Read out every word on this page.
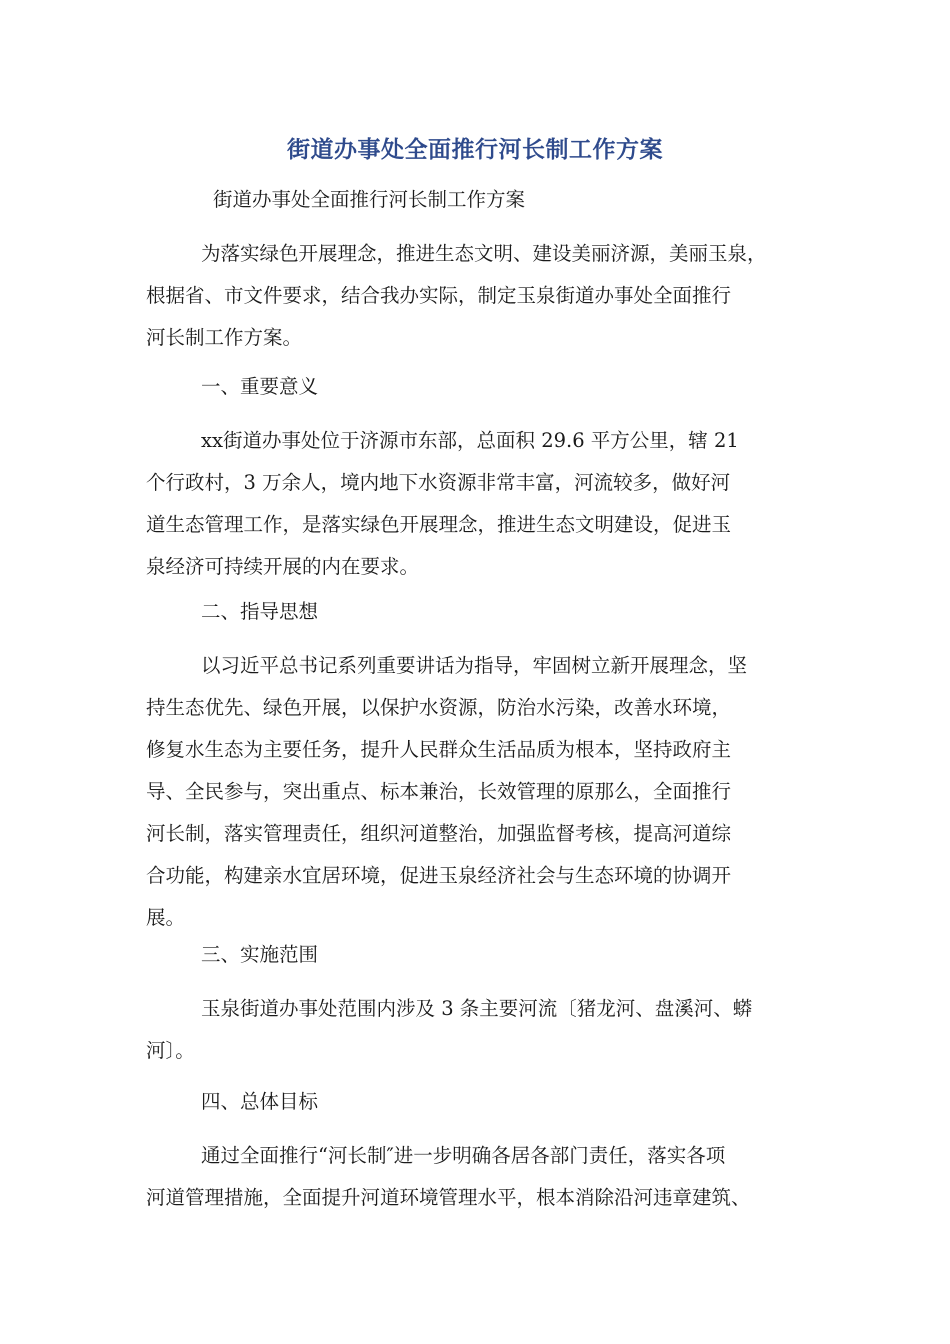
街道办事处全面推行河长制工作方案
街道办事处全面推行河长制工作方案
为落实绿色开展理念，推进生态文明、建设美丽济源，美丽玉泉，
根据省、市文件要求，结合我办实际，制定玉泉街道办事处全面推行
河长制工作方案。
一、重要意义
xx街道办事处位于济源市东部，总面积 29.6 平方公里，辖 21
个行政村，3 万余人，境内地下水资源非常丰富，河流较多，做好河
道生态管理工作，是落实绿色开展理念，推进生态文明建设，促进玉
泉经济可持续开展的内在要求。
二、指导思想
以习近平总书记系列重要讲话为指导，牢固树立新开展理念，坚
持生态优先、绿色开展，以保护水资源，防治水污染，改善水环境，
修复水生态为主要任务，提升人民群众生活品质为根本，坚持政府主
导、全民参与，突出重点、标本兼治，长效管理的原那么，全面推行
河长制，落实管理责任，组织河道整治，加强监督考核，提高河道综
合功能，构建亲水宜居环境，促进玉泉经济社会与生态环境的协调开
展。
三、实施范围
玉泉街道办事处范围内涉及 3 条主要河流〔猪龙河、盘溪河、蟒
河〕。
四、总体目标
通过全面推行“河长制″进一步明确各居各部门责任，落实各项
河道管理措施，全面提升河道环境管理水平，根本消除沿河违章建筑、
